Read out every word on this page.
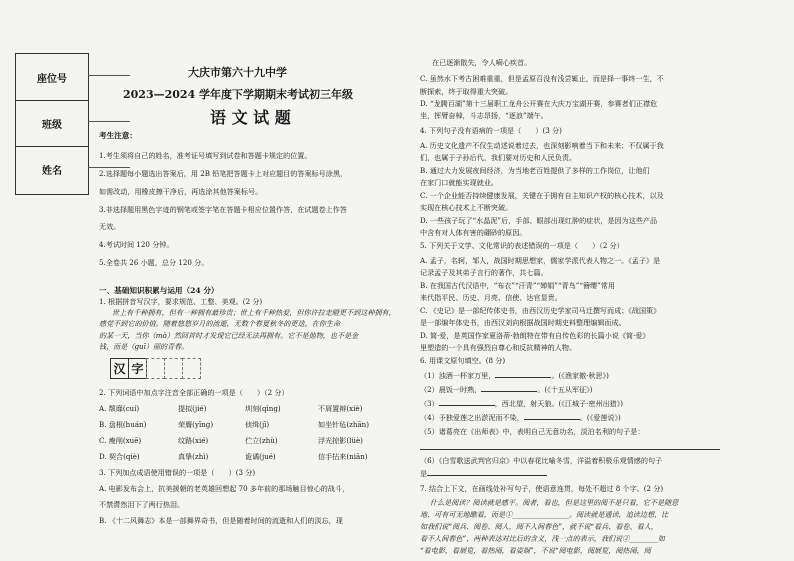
座位号
班级
姓名
大庆市第六十九中学
2023—2024 学年度下学期期末考试初三年级
语 文 试 题
考生注意：
1.考生须将自己的姓名，准考证号填写到试卷和答题卡规定的位置。
2.选择题每小题选出答案后，用 2B 铅笔把答题卡上对应题目的答案标号涂黑，
如需改动，用橡皮擦干净后，再选涂其他答案标号。
3.非选择题用黑色字迹的钢笔或签字笔在答题卡相应位置作答，在试题卷上作答
无效。
4.考试时间 120 分钟。
5.全卷共 26 小题，总分 120 分。
一、基础知识积累与运用（24 分）
1. 根据拼音写汉字，要求规范、工整、美观。(2 分)
世上有千种拥有，但有一种拥有最珍贵；世上有千种热爱，但你许拉走瞪更不到这种拥有，
感觉不到它的价值。随着悠悠岁月的流逝，无数个春夏秋冬的更迭，在你生命
的某一天，当你（mò）然回首时才发现它已经无法再拥有。它不是他物，也不是金
钱，而是（ɡuī）丽的青春。
汉 字
2. 下列词语中加点字注音全部正确的一项是（　　）（2 分）
A. 颓靡(cuí)	提拟(jié)	圳刻(qìnɡ)	不屑置辩(xiè)
B. 盘根(huán)	荣膺(yīnɡ)	侦缉(jī)	如坐针毡(zhān)
C. 瘦削(xuē)	纹路(xié)	伫立(zhù)	浮光掠影(lüè)
D. 契合(qiè)	真挚(zhì)	诡谲(jué)	信手拈来(niān)
3. 下列加点成语使用错误的一项是（　　）(3 分)
A. 电影发布会上，抗美援朝的老英雄回想起 70 多年前的那场触目惊心的战斗，
不禁潸然泪下了两行热泪。
B. 《十二风舞志》本是一部舞界奇书，但是随着时间的流逝和人们的淡忘，现
在已逐渐散失，令人嗬心疾首。
C. 虽然水下考古困难重重，但是孟原召没有浅尝辄止，而是择一事终一生，不
断探索，终于取得重大突破。
D. “龙腾百湖”第十三届职工龙舟公开赛在大庆万宝湖开赛，参赛者们正襟危
坐，挥臂奋棹，斗志昂扬，“逐浪”端午。
4. 下列句子没有语病的一项是（　　）(3 分)
A. 历史文化遗产不仅生动述说着过去，也深刻影响着当下和未来；不仅属于我
们，也属于子孙后代，我们要对历史和人民负责。
B. 通过大力发展夜间经济，为当地老百姓提供了多样的工作岗位，让他们
在家门口就能实现就业。
C. 一个企业能否持续健康发展，关键在于拥有自主知识产权的核心技术，以及
实现在核心技术上不断突破。
D. 一些孩子玩了“水晶泥”后，手部、眼部出现红肿的症状，是因为这些产品
中含有对人体有害的硼砂的原因。
5. 下列关于文学、文化常识的表述错误的一项是（　　）（2 分）
A. 孟子，名轲，邹人，战国时期思想家，儒家学派代表人物之一。《孟子》是
记录孟子及其弟子言行的著作，共七篇。
B. 在我国古代汉语中，“布衣”“汗青”“婵娟”“青鸟”“簪缨”常用
来代指平民、历史、月亮、信使、达官显贵。
C. 《史记》是一部纪传体史书，由西汉历史学家司马迁撰写而成；《战国策》
是一部编年体史书，由西汉刘向根据战国时期史料整理编辑而成。
D. 简·爱，是英国作家夏洛蒂·勃朗特在带有自传色彩的长篇小说《简·爱》
里塑造的一个具有强烈自尊心和反抗精神的人物。
6. 用课文原句填空。(8 分)
（1）浊酒一杯家万里，	。(《渔家傲·秋思》)
（2）晨饭一时熟，	。(《十五从军征》)
（3）	，西北望，射天狼。(《江城子·密州出猎》)
（4）予独爱莲之出淤泥而不染，	。(《爱莲说》)
（5）诸葛亮在《出师表》中，表明自己无意功名，淡泊名利的句子是：
（6）《白雪歌送武判官归京》中以春花比喻冬雪，洋溢着积极乐观情感的句子
是
7. 结合上下文，在画线处补写句子，使语意连贯，每处不超过 8 个字。(2 分)
什么是阅读？阅读就是感平。阅者，看也，但是这里的阅不是只看，它不是随意
地、可有可无地瞧看，而是①________________。阅读就是通读，追读边想，比
如我们说“阅兵、阅卷、阅人，阅不人间春色”，就不说“看兵、看卷、看人，
看不人间春色”，两种表达对比后的含义，浅一点的表示，我们说②________如
“看电影，看展览，看热闹，看姿娱”，不说“阅电影，阅展览，阅热闹，阅
